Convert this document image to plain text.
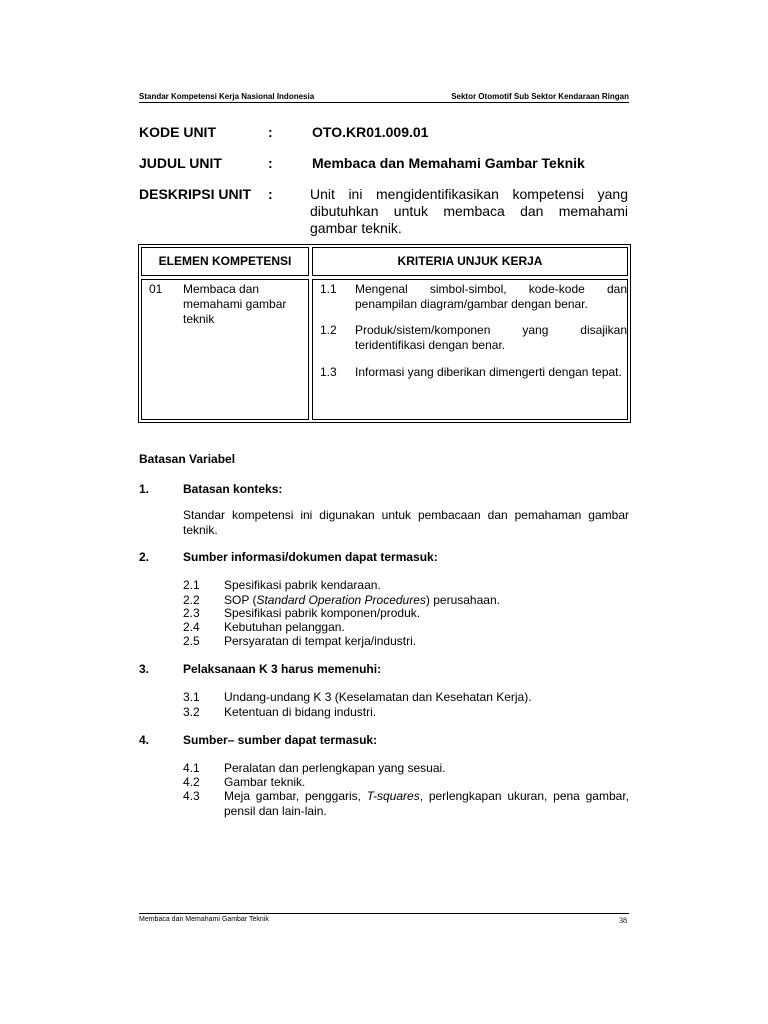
Standar Kompetensi Kerja Nasional Indonesia	Sektor Otomotif Sub Sektor Kendaraan Ringan
KODE UNIT	:	OTO.KR01.009.01
JUDUL UNIT	:	Membaca dan Memahami Gambar Teknik
DESKRIPSI UNIT :	Unit ini mengidentifikasikan kompetensi yang dibutuhkan untuk membaca dan memahami gambar teknik.
ELEMEN KOMPETENSI	KRITERIA UNJUK KERJA
01 Membaca dan memahami gambar teknik
1.1 Mengenal simbol-simbol, kode-kode dan penampilan diagram/gambar dengan benar.
1.2 Produk/sistem/komponen yang disajikan teridentifikasi dengan benar.
1.3 Informasi yang diberikan dimengerti dengan tepat.
Batasan Variabel
1.	Batasan konteks:
Standar kompetensi ini digunakan untuk pembacaan dan pemahaman gambar teknik.
2.	Sumber informasi/dokumen dapat termasuk:
2.1 Spesifikasi pabrik kendaraan.
2.2 SOP (Standard Operation Procedures) perusahaan.
2.3 Spesifikasi pabrik komponen/produk.
2.4 Kebutuhan pelanggan.
2.5 Persyaratan di tempat kerja/industri.
3.	Pelaksanaan K 3 harus memenuhi:
3.1 Undang-undang K 3 (Keselamatan dan Kesehatan Kerja).
3.2 Ketentuan di bidang industri.
4.	Sumber– sumber dapat termasuk:
4.1 Peralatan dan perlengkapan yang sesuai.
4.2 Gambar teknik.
4.3 Meja gambar, penggaris, T-squares, perlengkapan ukuran, pena gambar, pensil dan lain-lain.
Membaca dan Memahami Gambar Teknik	38
